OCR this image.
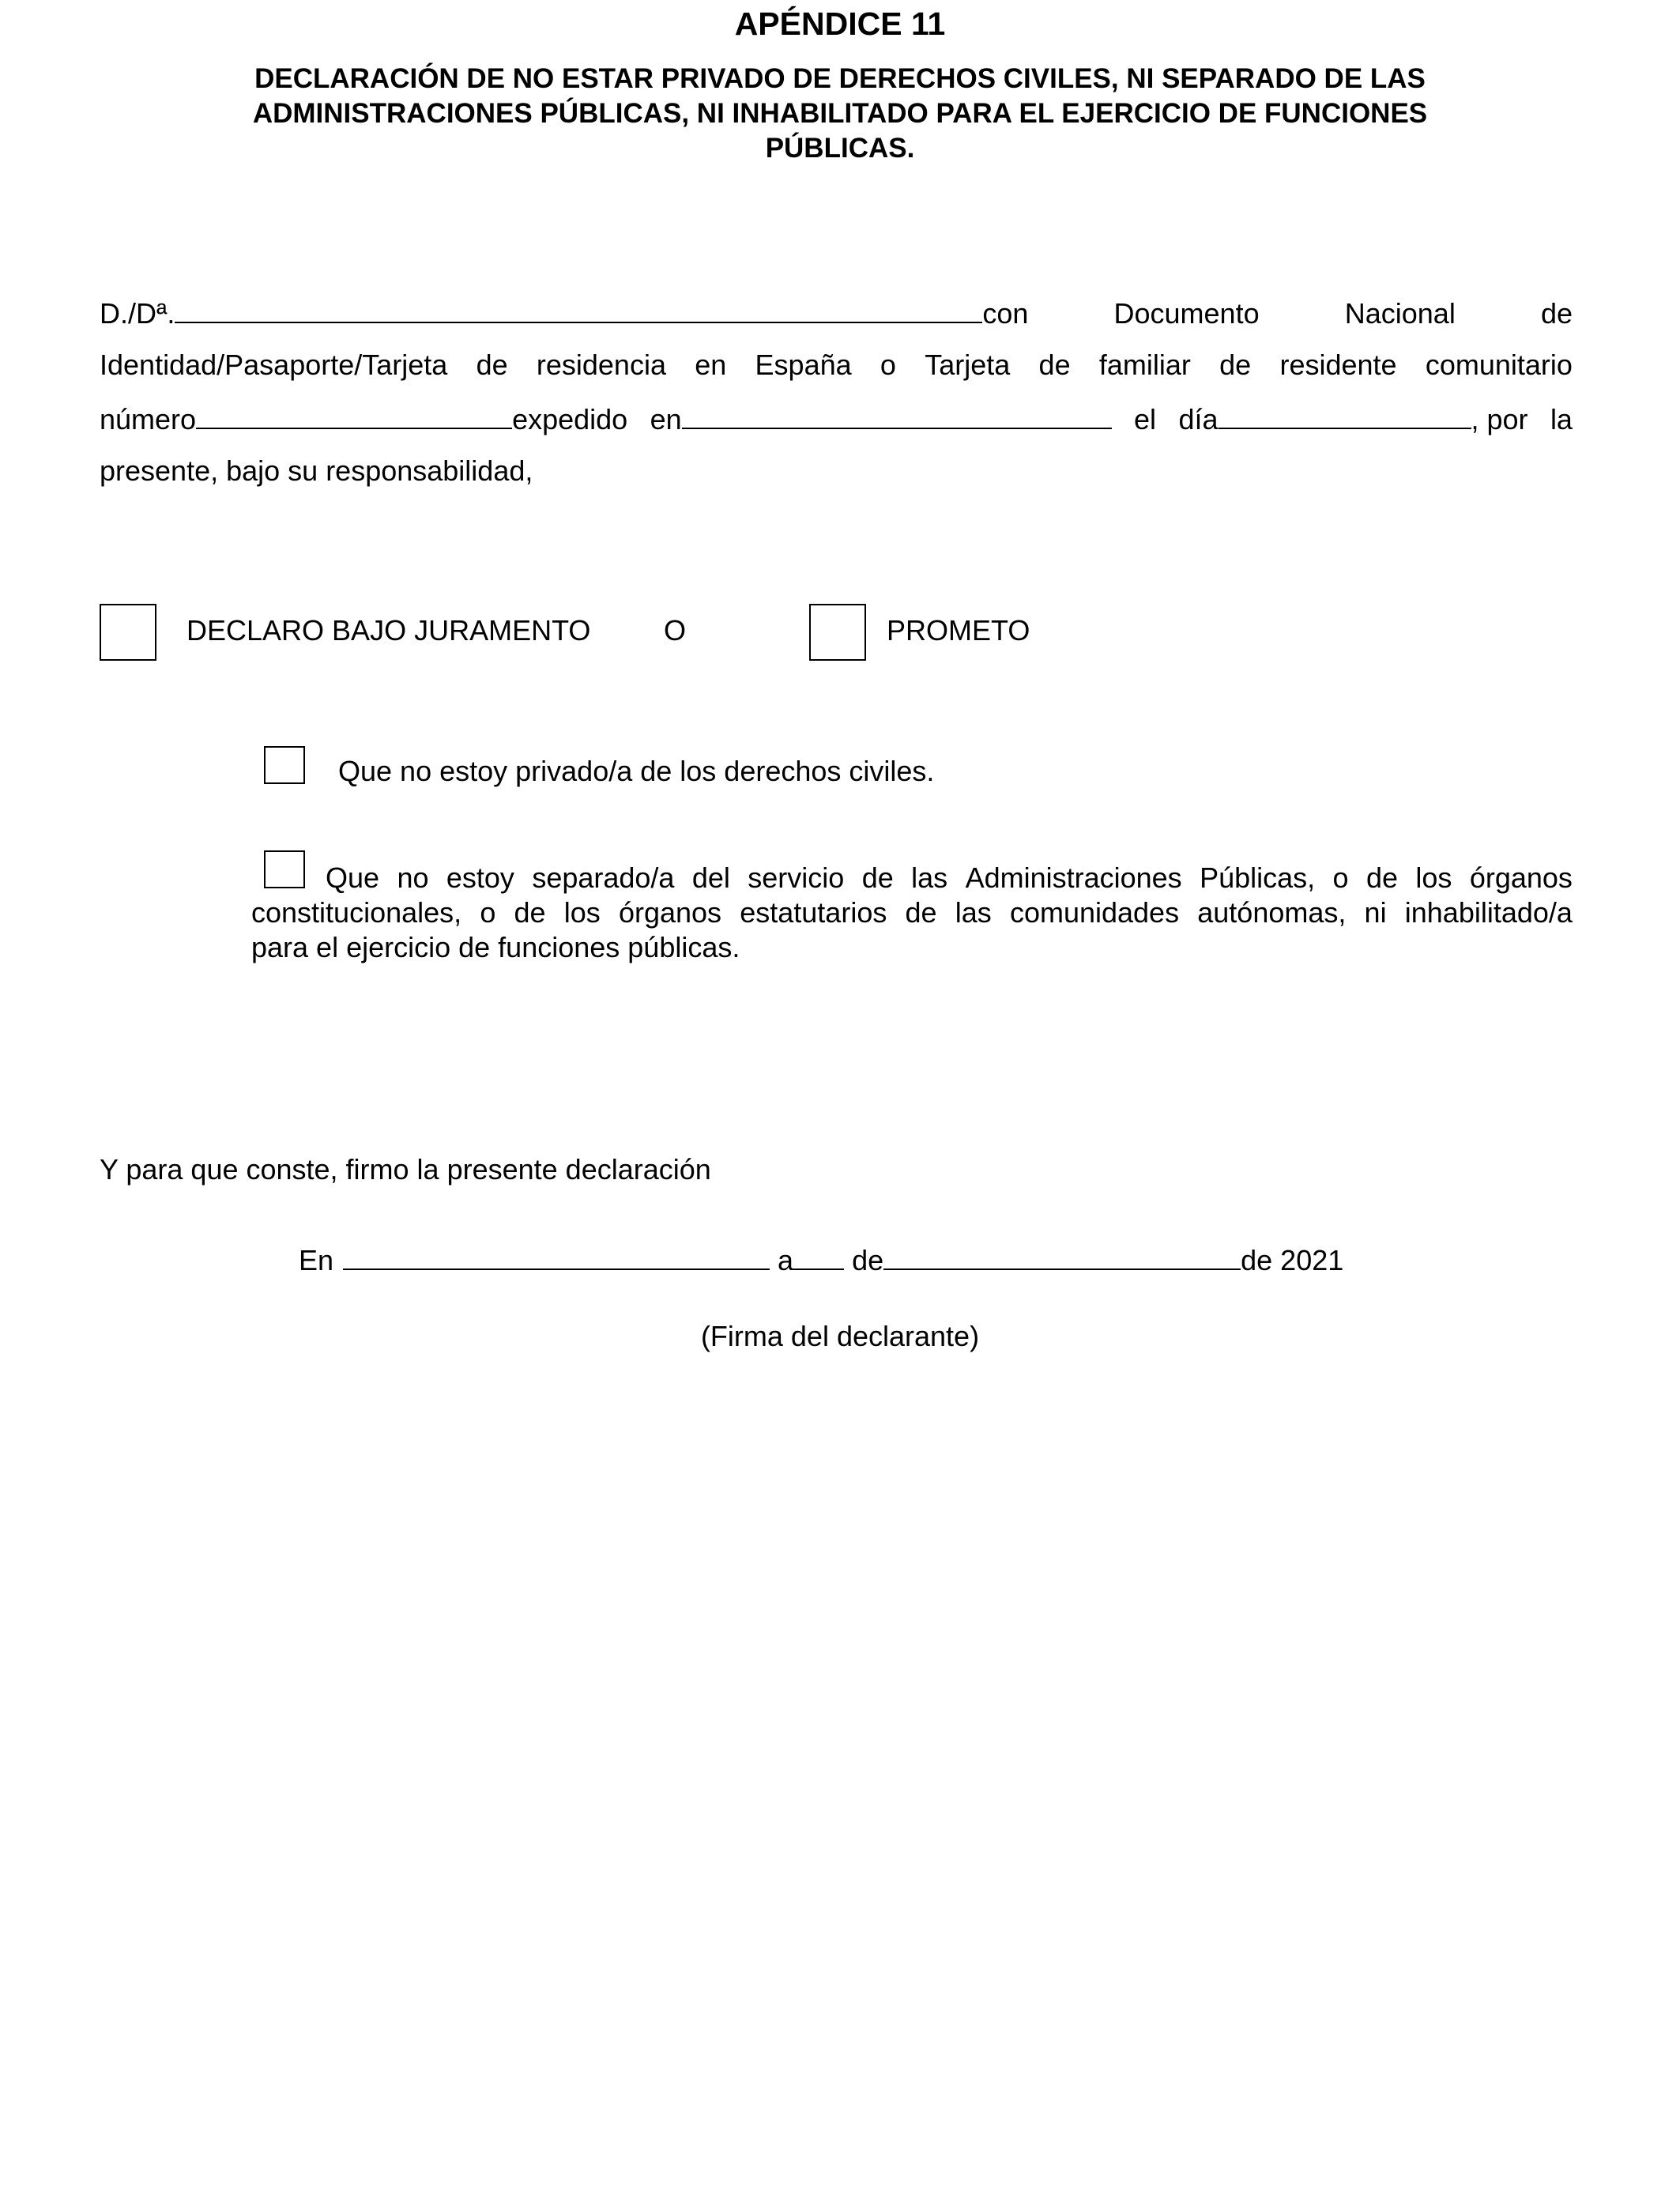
APÉNDICE 11
DECLARACIÓN DE NO ESTAR PRIVADO DE DERECHOS CIVILES, NI SEPARADO DE LAS
ADMINISTRACIONES PÚBLICAS, NI INHABILITADO PARA EL EJERCICIO DE FUNCIONES
PÚBLICAS.
D./Dª.	con	Documento	Nacional	de
Identidad/Pasaporte/Tarjeta de residencia en España o Tarjeta de familiar de residente comunitario
número	expedido en	el día	, por la
presente, bajo su responsabilidad,
DECLARO BAJO JURAMENTO	O	PROMETO
Que no estoy privado/a de los derechos civiles.
Que no estoy separado/a del servicio de las Administraciones Públicas, o de los órganos
constitucionales, o de los órganos estatutarios de las comunidades autónomas, ni inhabilitado/a
para el ejercicio de funciones públicas.
Y para que conste, firmo la presente declaración
En	a de	de 2021
(Firma del declarante)
